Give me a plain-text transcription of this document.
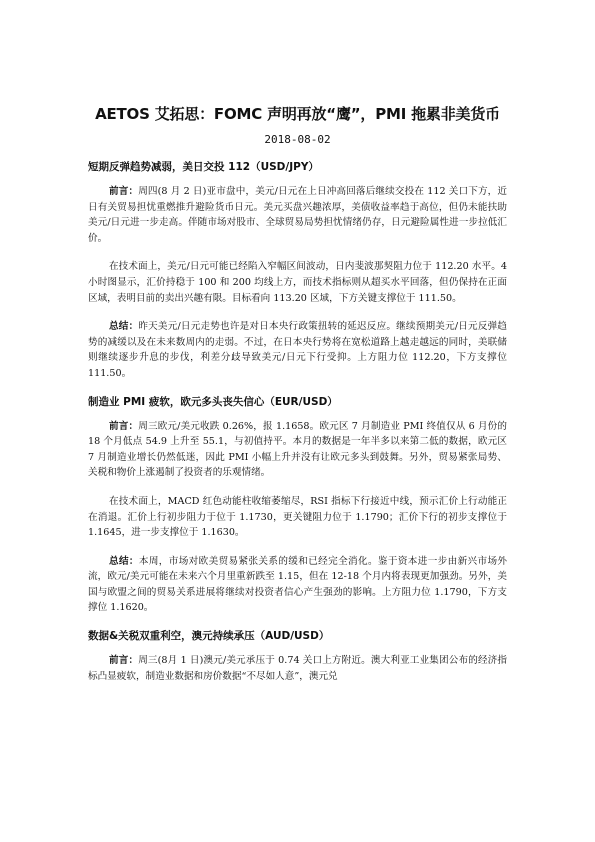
AETOS 艾拓思：FOMC 声明再放“鹰”，PMI 拖累非美货币
2018-08-02
短期反弹趋势减弱，美日交投 112（USD/JPY）

前言：周四(8 月 2 日)亚市盘中，美元/日元在上日冲高回落后继续交投在 112 关口下方，近日有关贸易担忧重燃推升避险货币日元。美元买盘兴趣浓厚，美债收益率趋于高位，但仍未能扶助美元/日元进一步走高。伴随市场对股市、全球贸易局势担忧情绪仍存，日元避险属性进一步拉低汇价。

在技术面上，美元/日元可能已经陷入窄幅区间波动，日内斐波那契阻力位于 112.20 水平。4 小时图显示，汇价持稳于 100 和 200 均线上方，而技术指标则从超买水平回落，但仍保持在正面区域，表明目前的卖出兴趣有限。目标看向 113.20 区域，下方关键支撑位于 111.50。

总结：昨天美元/日元走势也许是对日本央行政策扭转的延迟反应。继续预期美元/日元反弹趋势的减缓以及在未来数周内的走弱。不过，在日本央行势将在宽松道路上越走越远的同时，美联储则继续逐步升息的步伐，利差分歧导致美元/日元下行受抑。上方阻力位 112.20，下方支撑位 111.50。

制造业 PMI 疲软，欧元多头丧失信心（EUR/USD）

前言：周三欧元/美元收跌 0.26%，报 1.1658。欧元区 7 月制造业 PMI 终值仅从 6 月份的 18 个月低点 54.9 上升至 55.1，与初值持平。本月的数据是一年半多以来第二低的数据，欧元区 7 月制造业增长仍然低迷，因此 PMI 小幅上升并没有让欧元多头到鼓舞。另外，贸易紧张局势、关税和物价上涨遏制了投资者的乐观情绪。

在技术面上，MACD 红色动能柱收缩萎缩尽，RSI 指标下行接近中线，预示汇价上行动能正在消退。汇价上行初步阻力于位于 1.1730，更关键阻力位于 1.1790；汇价下行的初步支撑位于 1.1645，进一步支撑位于 1.1630。

总结：本周，市场对欧美贸易紧张关系的缓和已经完全消化。鉴于资本进一步由新兴市场外流，欧元/美元可能在未来六个月里重新跌至 1.15，但在 12-18 个月内将表现更加强劲。另外，美国与欧盟之间的贸易关系进展将继续对投资者信心产生强劲的影响。上方阻力位 1.1790，下方支撑位 1.1620。

数据&关税双重利空，澳元持续承压（AUD/USD）

前言：周三(8月 1 日)澳元/美元承压于 0.74 关口上方附近。澳大利亚工业集团公布的经济指标凸显疲软，制造业数据和房价数据“不尽如人意”，澳元兑
